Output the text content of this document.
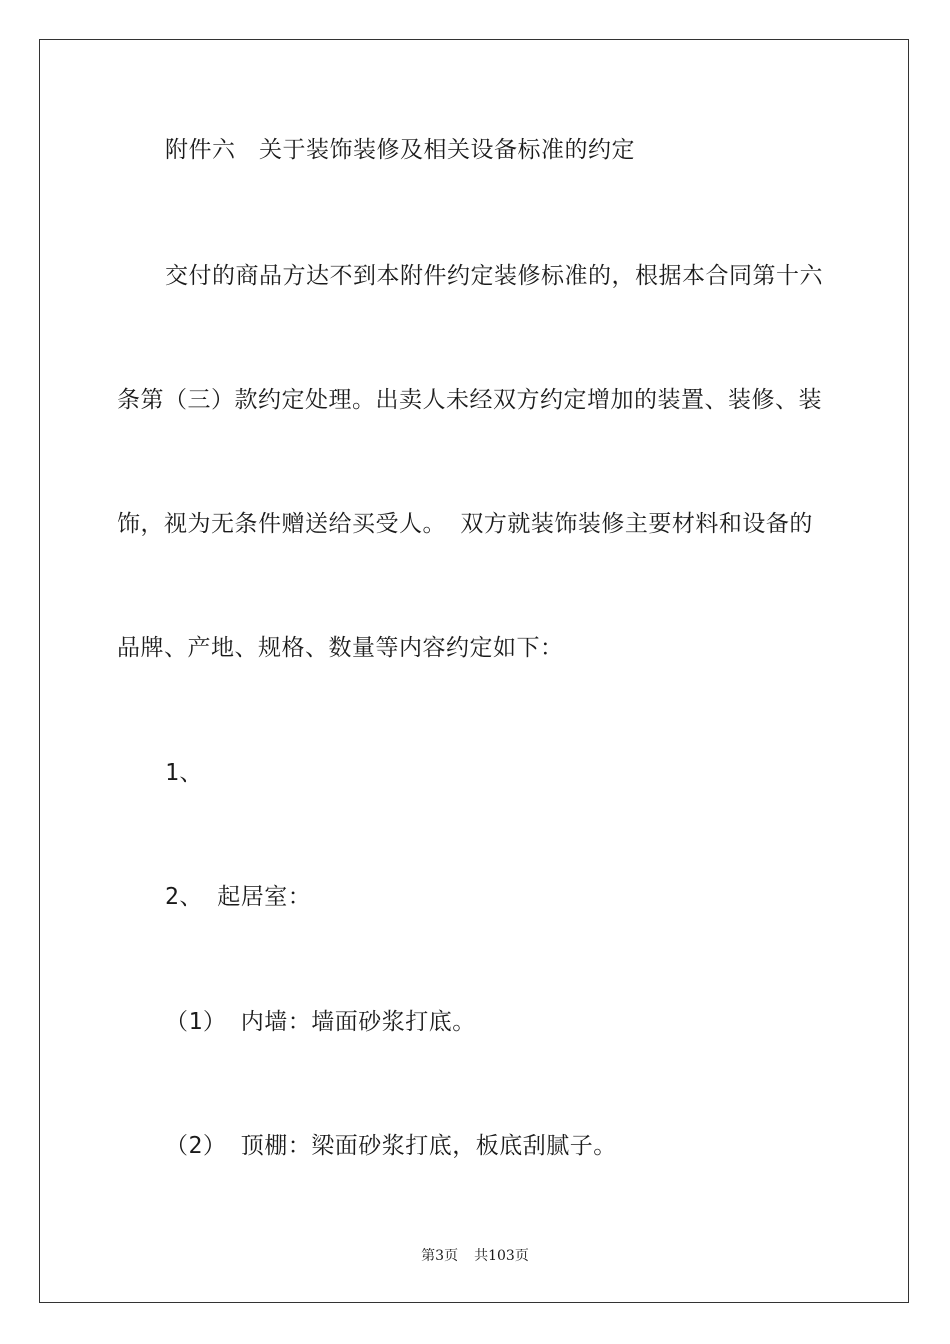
附件六　关于装饰装修及相关设备标准的约定
交付的商品方达不到本附件约定装修标准的，根据本合同第十六
条第（三）款约定处理。出卖人未经双方约定增加的装置、装修、装
饰，视为无条件赠送给买受人。 双方就装饰装修主要材料和设备的
品牌、产地、规格、数量等内容约定如下：
1、
2、 起居室：
（1） 内墙：墙面砂浆打底。
（2） 顶棚：梁面砂浆打底，板底刮腻子。
第3页 共103页
